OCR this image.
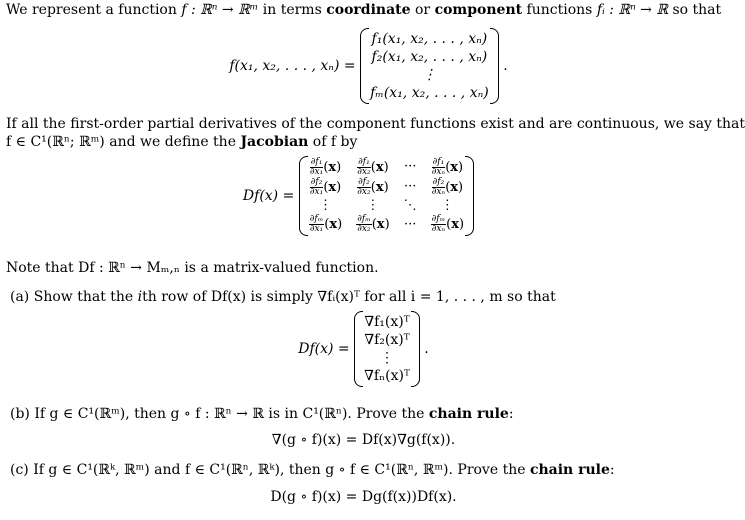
We represent a function f : ℝⁿ → ℝᵐ in terms coordinate or component functions fᵢ : ℝⁿ → ℝ so that
f(x₁, x₂, . . . , xₙ) =
f₁(x₁, x₂, . . . , xₙ)
f₂(x₁, x₂, . . . , xₙ)
⋮
fₘ(x₁, x₂, . . . , xₙ)
.
If all the first-order partial derivatives of the component functions exist and are continuous, we say that
f ∈ C¹(ℝⁿ; ℝᵐ) and we define the Jacobian of f by
Df(x) =
$\frac{\text{∂f₁}}{\text{∂x₁}} (x) \frac{\text{∂f₁}}{\text{∂x₂}} (x)$ ··· $\frac{\text{∂f₁}}{\text{∂xₙ}} (x)$
$\frac{\text{∂f₂}}{\text{∂x₁}} (x) \frac{\text{∂f₂}}{\text{∂x₂}} (x)$ ··· $\frac{\text{∂f₂}}{\text{∂xₙ}} (x)$
⋮	⋮	⋱	⋮
$\frac{\text{∂fₘ}}{\text{∂x₁}} (x) \frac{\text{∂fₘ}}{\text{∂x₂}} (x)$ ··· $\frac{\text{∂fₘ}}{\text{∂xₙ}} (x)$
Note that Df : ℝⁿ → Mₘ,ₙ is a matrix-valued function.
(a) Show that the ith row of Df(x) is simply ∇fᵢ(x)ᵀ for all i = 1, . . . , m so that
Df(x) =
∇f₁(x)ᵀ
∇f₂(x)ᵀ
⋮
∇fₙ(x)ᵀ
.
(b) If g ∈ C¹(ℝᵐ), then g ∘ f : ℝⁿ → ℝ is in C¹(ℝⁿ). Prove the chain rule:
∇(g ∘ f)(x) = Df(x)∇g(f(x)).
(c) If g ∈ C¹(ℝᵏ, ℝᵐ) and f ∈ C¹(ℝⁿ, ℝᵏ), then g ∘ f ∈ C¹(ℝⁿ, ℝᵐ). Prove the chain rule:
D(g ∘ f)(x) = Dg(f(x))Df(x).
